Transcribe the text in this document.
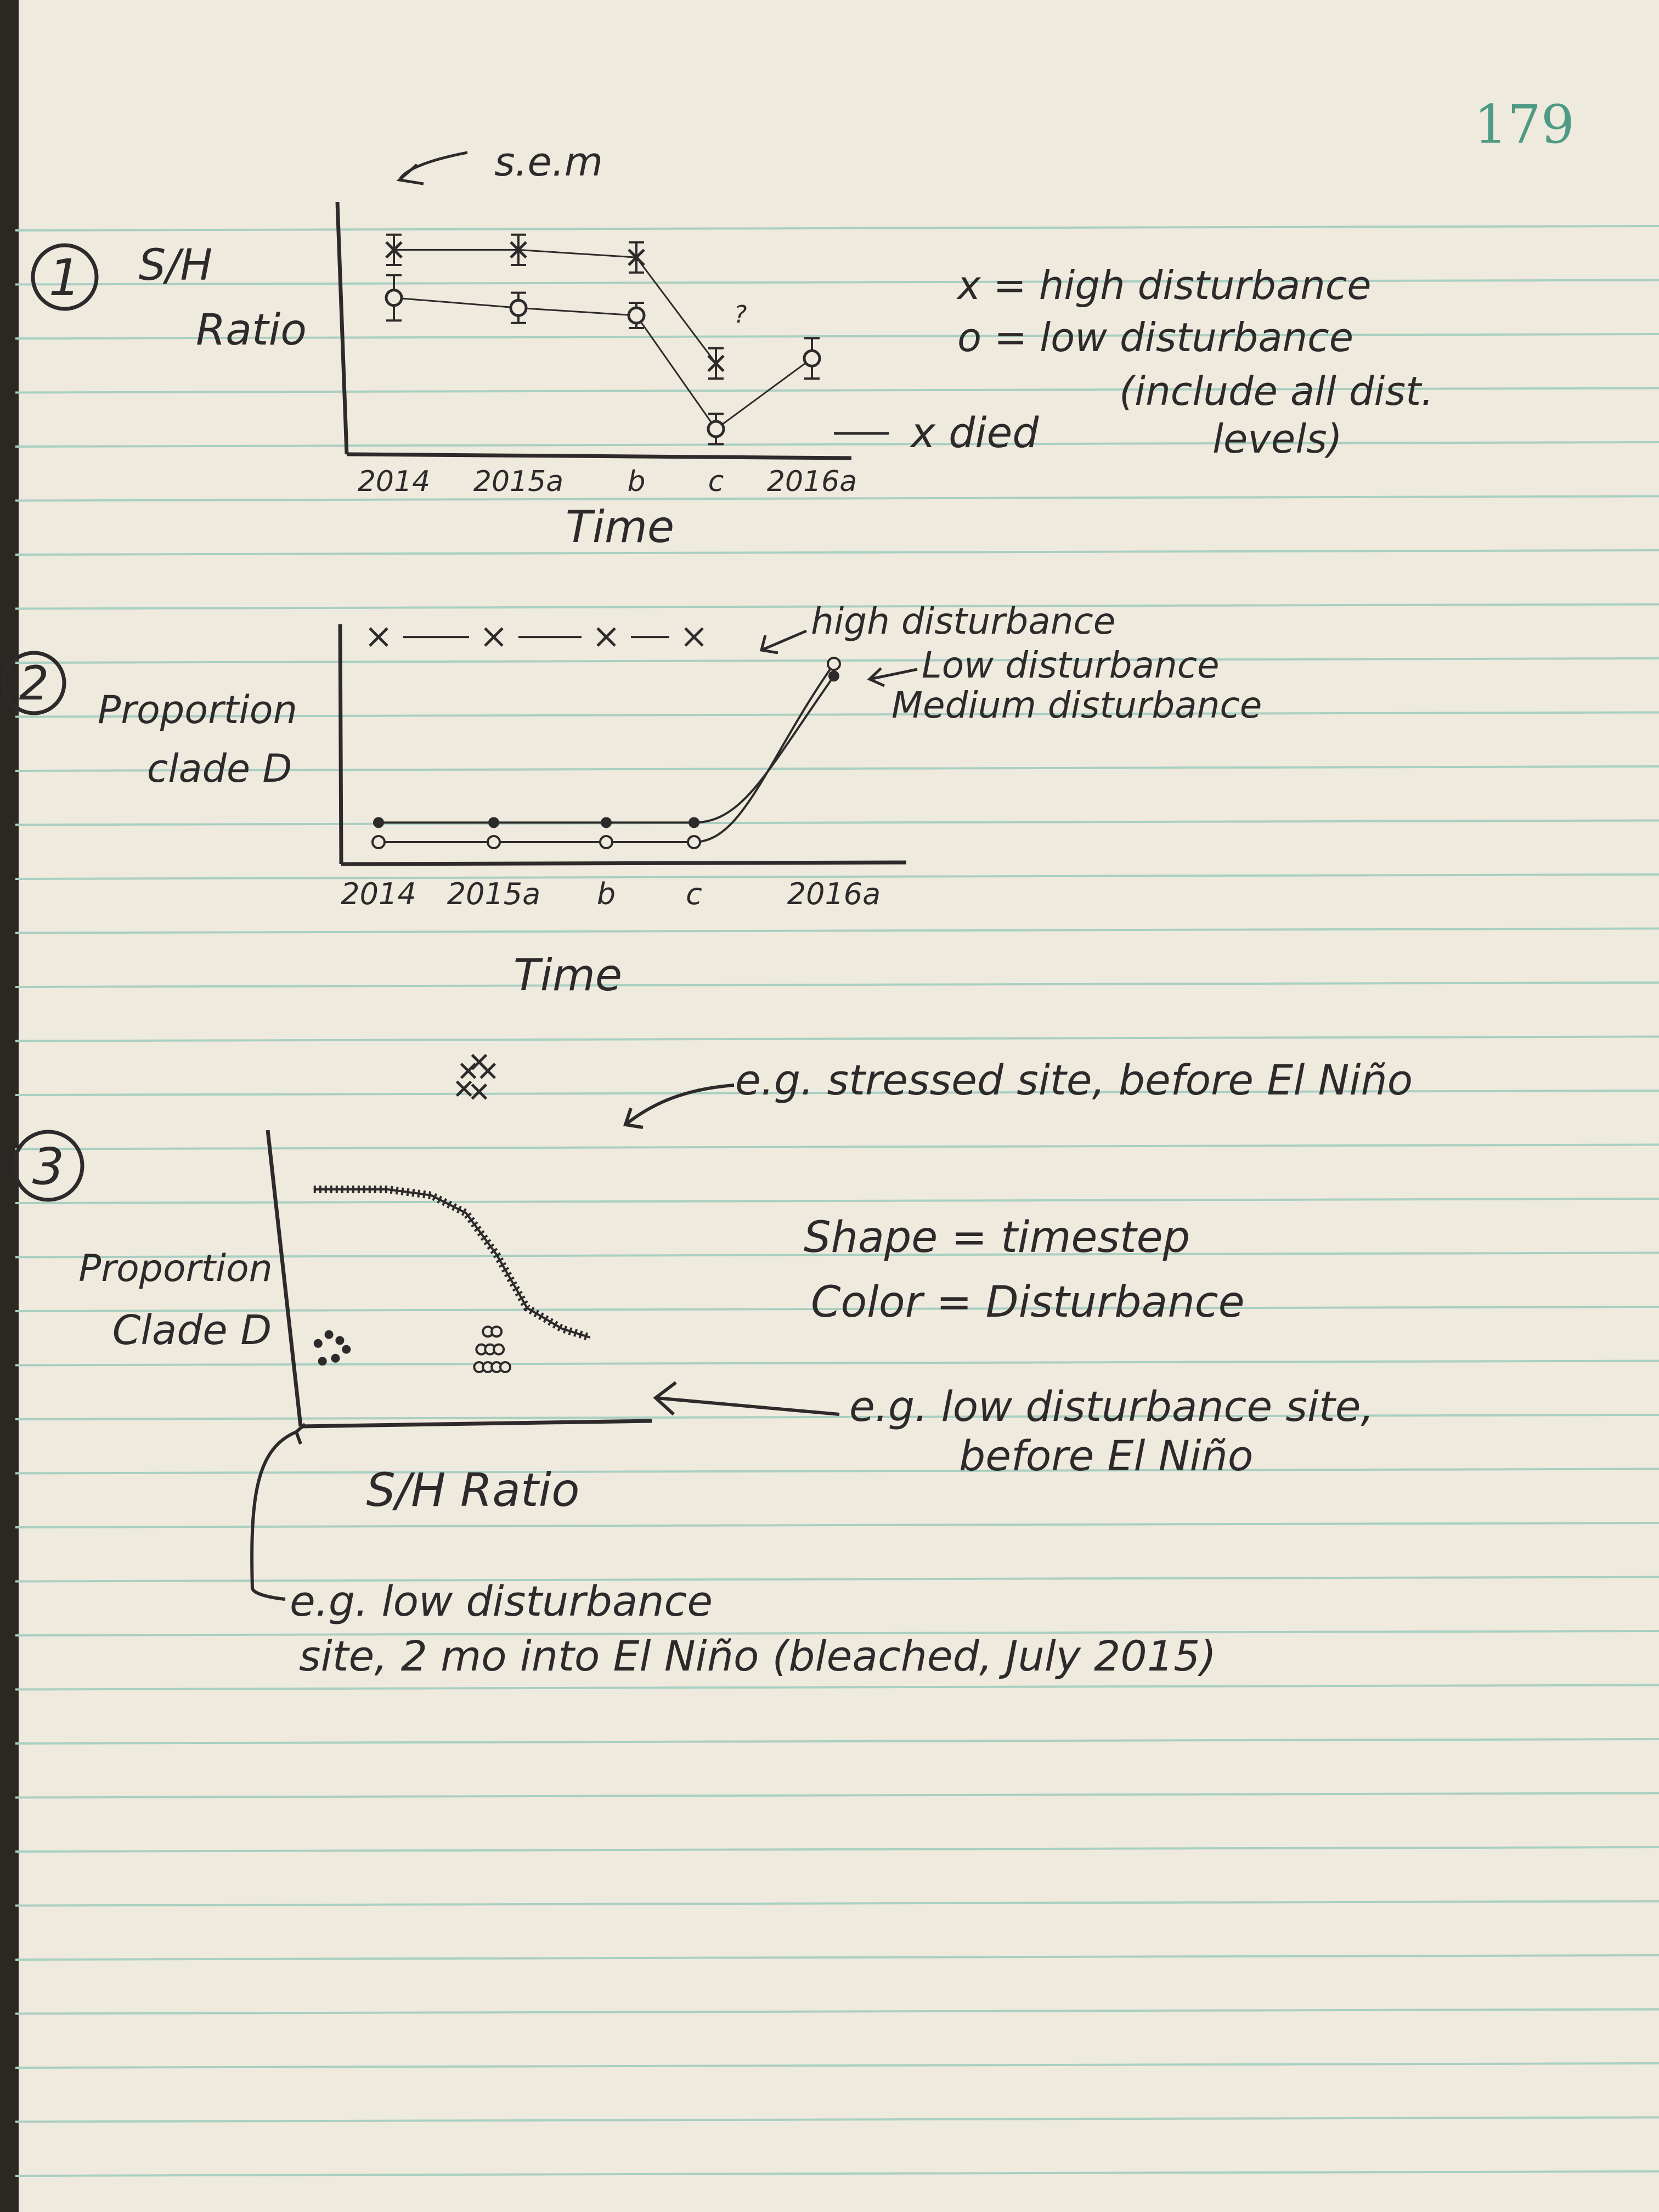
179
1 S/H
Ratio
2014 2015a b c 2016a
Time
s.e.m
?
x died
x = high disturbance
o = low disturbance
(include all dist.
levels)
2 Proportion
clade D
2014 2015a b c	2016a
Time
high disturbance
Low disturbance
Medium disturbance
3
Proportion
Clade D
S/H Ratio
Shape = timestep
Color = Disturbance
e.g. stressed site, before El Niño
e.g. low disturbance site,
before El Niño
e.g. low disturbance
site, 2 mo into El Niño (bleached, July 2015)
